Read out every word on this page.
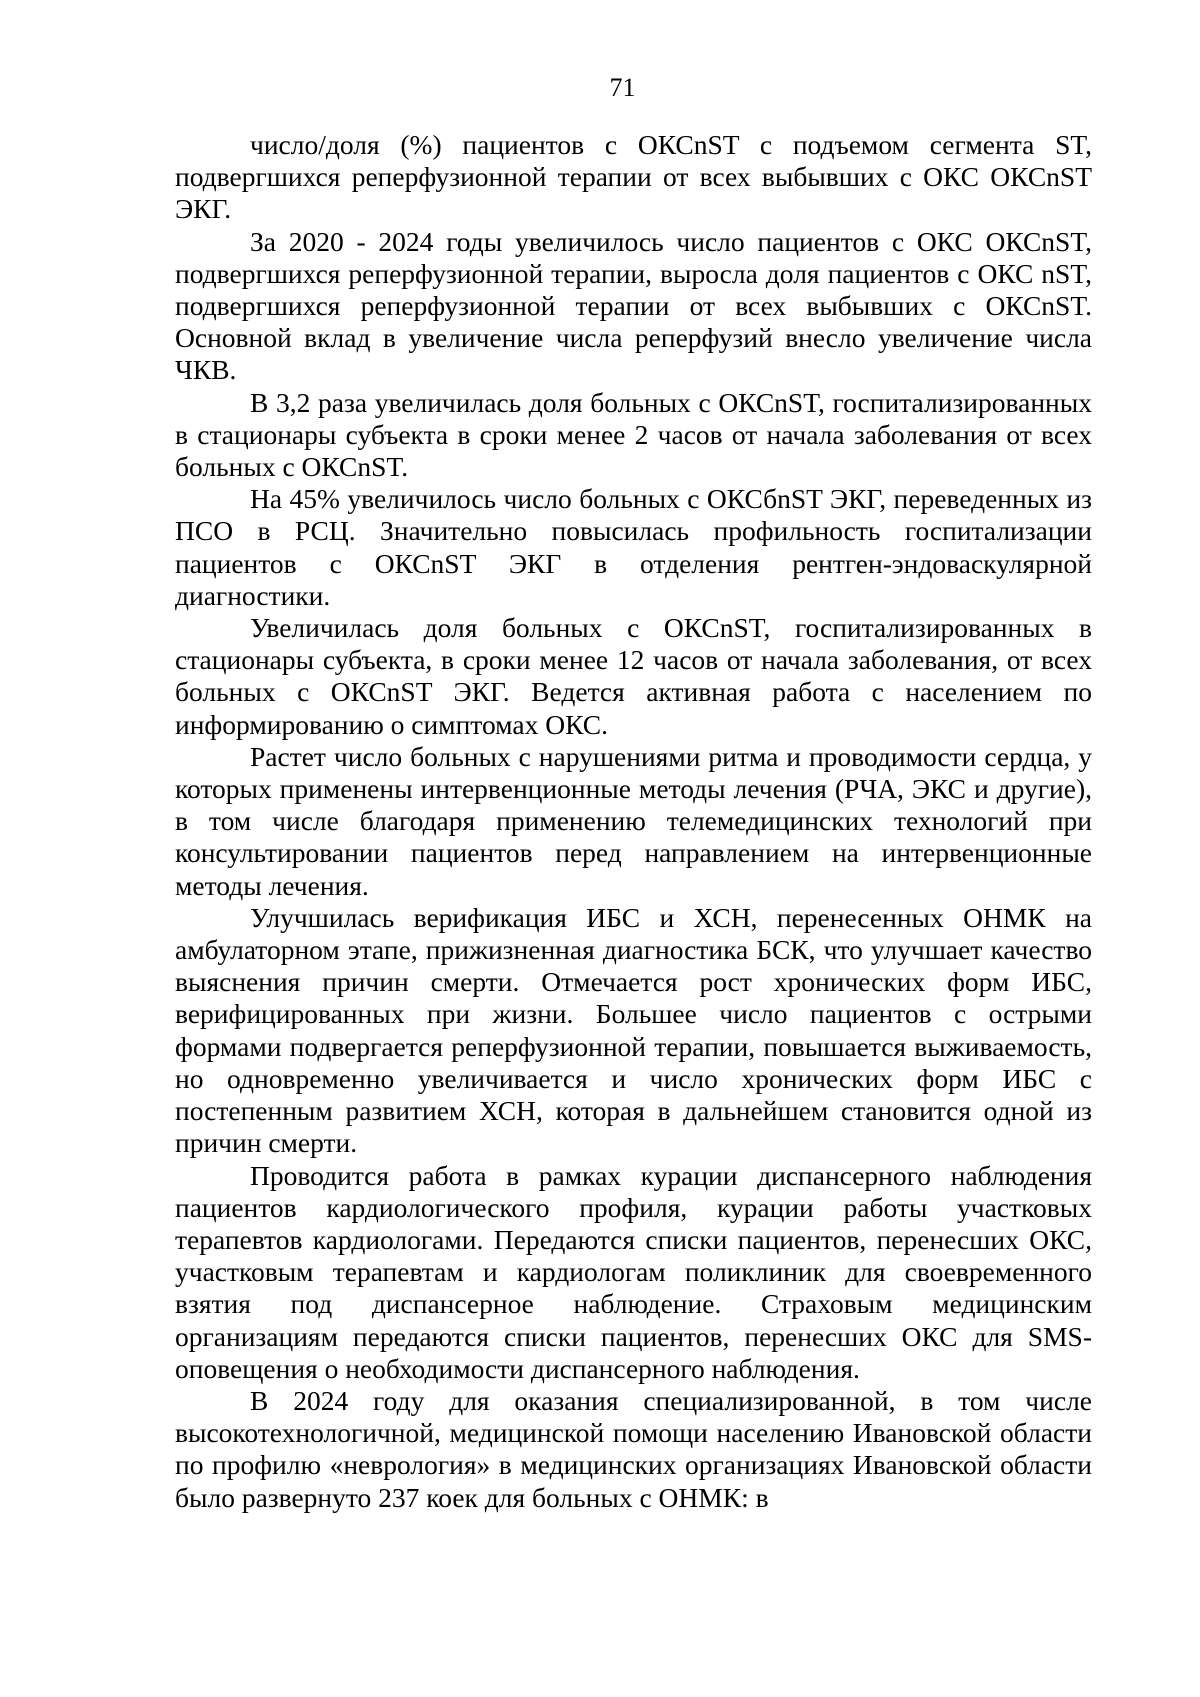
71

число/доля (%) пациентов с ОКСnST с подъемом сегмента ST, подвергшихся реперфузионной терапии от всех выбывших с ОКС ОКСnST ЭКГ.

За 2020 - 2024 годы увеличилось число пациентов с ОКС ОКСnST, подвергшихся реперфузионной терапии, выросла доля пациентов с ОКС nST, подвергшихся реперфузионной терапии от всех выбывших с ОКСnST. Основной вклад в увеличение числа реперфузий внесло увеличение числа ЧКВ.

В 3,2 раза увеличилась доля больных с ОКСnST, госпитализированных в стационары субъекта в сроки менее 2 часов от начала заболевания от всех больных с ОКСnST.

На 45% увеличилось число больных с ОКСбnST ЭКГ, переведенных из ПСО в РСЦ. Значительно повысилась профильность госпитализации пациентов с ОКСnST ЭКГ в отделения рентген-эндоваскулярной диагностики.

Увеличилась доля больных с ОКСnST, госпитализированных в стационары субъекта, в сроки менее 12 часов от начала заболевания, от всех больных с ОКСnST ЭКГ. Ведется активная работа с населением по информированию о симптомах ОКС.

Растет число больных с нарушениями ритма и проводимости сердца, у которых применены интервенционные методы лечения (РЧА, ЭКС и другие), в том числе благодаря применению телемедицинских технологий при консультировании пациентов перед направлением на интервенционные методы лечения.

Улучшилась верификация ИБС и ХСН, перенесенных ОНМК на амбулаторном этапе, прижизненная диагностика БСК, что улучшает качество выяснения причин смерти. Отмечается рост хронических форм ИБС, верифицированных при жизни. Большее число пациентов с острыми формами подвергается реперфузионной терапии, повышается выживаемость, но одновременно увеличивается и число хронических форм ИБС с постепенным развитием ХСН, которая в дальнейшем становится одной из причин смерти.

Проводится работа в рамках курации диспансерного наблюдения пациентов кардиологического профиля, курации работы участковых терапевтов кардиологами. Передаются списки пациентов, перенесших ОКС, участковым терапевтам и кардиологам поликлиник для своевременного взятия под диспансерное наблюдение. Страховым медицинским организациям передаются списки пациентов, перенесших ОКС для SMS-оповещения о необходимости диспансерного наблюдения.

В 2024 году для оказания специализированной, в том числе высокотехнологичной, медицинской помощи населению Ивановской области по профилю «неврология» в медицинских организациях Ивановской области было развернуто 237 коек для больных с ОНМК: в
